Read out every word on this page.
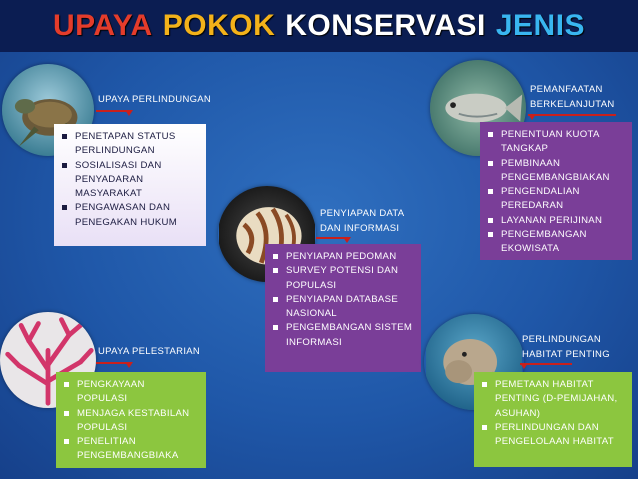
UPAYA POKOK KONSERVASI JENIS
UPAYA PERLINDUNGAN
PENETAPAN STATUS PERLINDUNGAN
SOSIALISASI DAN PENYADARAN MASYARAKAT
PENGAWASAN DAN PENEGAKAN HUKUM
PEMANFAATAN
BERKELANJUTAN
PENENTUAN KUOTA TANGKAP
PEMBINAAN PENGEMBANGBIAKAN
PENGENDALIAN PEREDARAN
LAYANAN PERIJINAN
PENGEMBANGAN EKOWISATA
PENYIAPAN DATA
DAN INFORMASI
PENYIAPAN PEDOMAN
SURVEY POTENSI DAN POPULASI
PENYIAPAN DATABASE NASIONAL
PENGEMBANGAN SISTEM INFORMASI
UPAYA PELESTARIAN
PENGKAYAAN POPULASI
MENJAGA KESTABILAN POPULASI
PENELITIAN PENGEMBANGBIAKA
PERLINDUNGAN
HABITAT PENTING
PEMETAAN HABITAT PENTING (D-PEMIJAHAN, ASUHAN)
PERLINDUNGAN DAN PENGELOLAAN HABITAT
